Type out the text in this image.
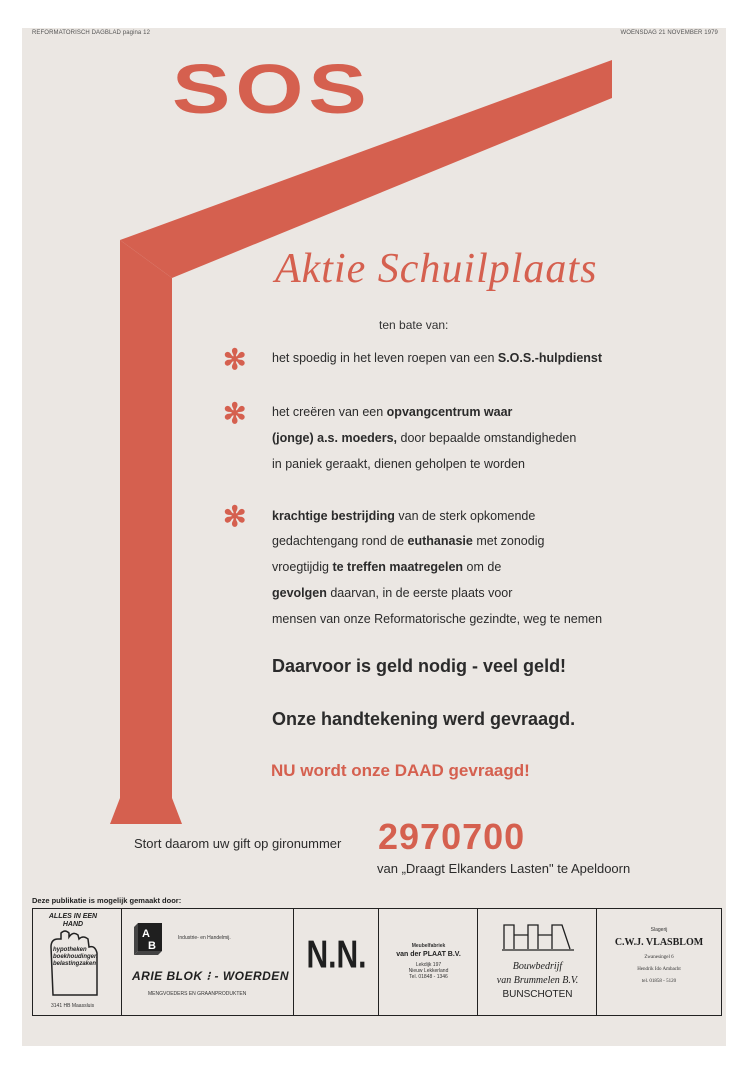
REFORMATORISCH DAGBLAD pagina 12	WOENSDAG 21 NOVEMBER 1979
SOS
Aktie Schuilplaats
ten bate van:
✻ het spoedig in het leven roepen van een S.O.S.-hulpdienst
✻ het creëren van een opvangcentrum waar
(jonge) a.s. moeders, door bepaalde omstandigheden
in paniek geraakt, dienen geholpen te worden
✻ krachtige bestrijding van de sterk opkomende
gedachtengang rond de euthanasie met zonodig
vroegtijdig te treffen maatregelen om de
gevolgen daarvan, in de eerste plaats voor
mensen van onze Reformatorische gezindte, weg te nemen
Daarvoor is geld nodig - veel geld!
Onze handtekening werd gevraagd.
NU wordt onze DAAD gevraagd!
Stort daarom uw gift op gironummer 2970700
van „Draagt Elkanders Lasten" te Apeldoorn
Deze publikatie is mogelijk gemaakt door:
ALLES IN EEN HAND
hypotheken boekhoudingen belastingzaken
3141 HB Maassluis
A
B
Industrie- en Handelmij.
ARIE BLOK ⁝ - WOERDEN
MENGVOEDERS EN GRAANPRODUKTEN
N.N.	Meubelfabriek
van der PLAAT B.V.
Lekdijk 197
Nieuw Lekkerland
Tel. 01848 - 1346
Bouwbedrijf
van Brummelen B.V.
BUNSCHOTEN
Slagerij
C.W.J. VLASBLOM
Zwanesingel 6
Hendrik Ido Ambacht
tel. 01858 - 5120
